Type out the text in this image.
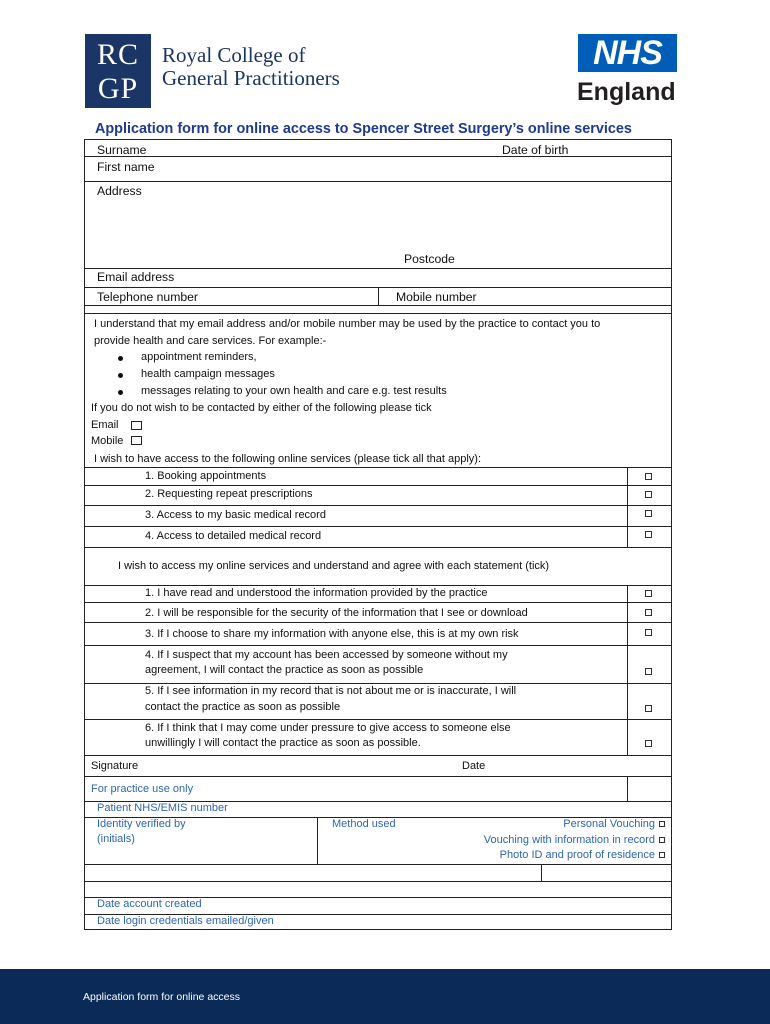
RC GP
Royal College of
General Practitioners
NHS
England
Application form for online access to Spencer Street Surgery’s online services
Surname	Date of birth
First name
Address
Postcode
Email address
Telephone number	Mobile number
I understand that my email address and/or mobile number may be used by the practice to contact you to
provide health and care services. For example:-
appointment reminders,
health campaign messages
messages relating to your own health and care e.g. test results
If you do not wish to be contacted by either of the following please tick
Email
Mobile
I wish to have access to the following online services (please tick all that apply):
1. Booking appointments
2. Requesting repeat prescriptions
3. Access to my basic medical record
4. Access to detailed medical record
I wish to access my online services and understand and agree with each statement (tick)
1. I have read and understood the information provided by the practice
2. I will be responsible for the security of the information that I see or download
3. If I choose to share my information with anyone else, this is at my own risk
4. If I suspect that my account has been accessed by someone without my
agreement, I will contact the practice as soon as possible
5. If I see information in my record that is not about me or is inaccurate, I will
contact the practice as soon as possible
6. If I think that I may come under pressure to give access to someone else
unwillingly I will contact the practice as soon as possible.
Signature	Date
For practice use only
Patient NHS/EMIS number
Identity verified by
(initials)
Method used	Personal Vouching
Vouching with information in record
Photo ID and proof of residence
Date account created
Date login credentials emailed/given
Application form for online access
